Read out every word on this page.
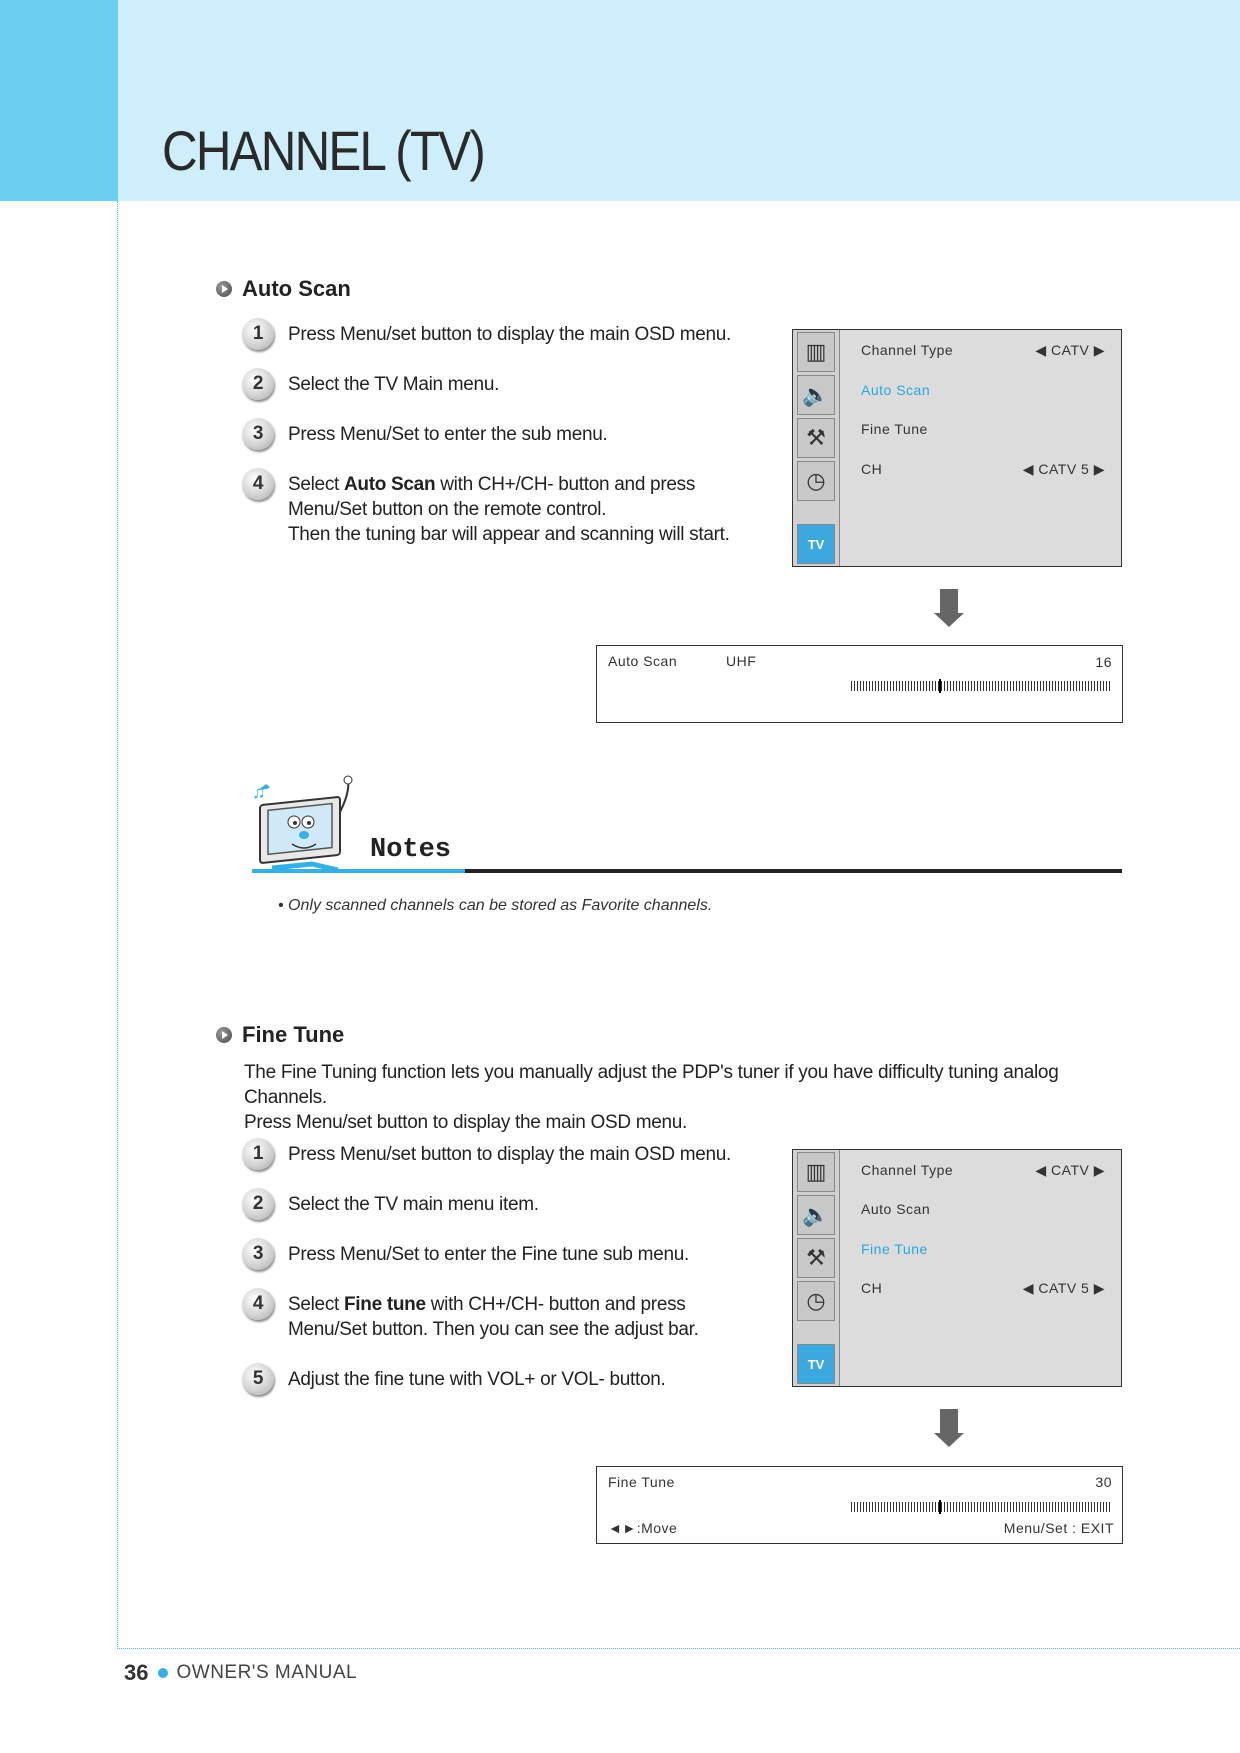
CHANNEL (TV)
Auto Scan
1	Press Menu/set button to display the main OSD menu.
2	Select the TV Main menu.
3	Press Menu/Set to enter the sub menu.
4	Select Auto Scan with CH+/CH- button and press
Menu/Set button on the remote control.
Then the tuning bar will appear and scanning will start.
▥
🔈
⚒
◷
TV
Channel Type	◀ CATV ▶
Auto Scan
Fine Tune
CH	◀ CATV 5 ▶
Auto Scan	UHF	16
♫
Notes
• Only scanned channels can be stored as Favorite channels.
Fine Tune
The Fine Tuning function lets you manually adjust the PDP's tuner if you have difficulty tuning analog Channels.
Press Menu/set button to display the main OSD menu.
1	Press Menu/set button to display the main OSD menu.
2	Select the TV main menu item.
3	Press Menu/Set to enter the Fine tune sub menu.
4	Select Fine tune with CH+/CH- button and press
Menu/Set button. Then you can see the adjust bar.
5	Adjust the fine tune with VOL+ or VOL- button.
▥
🔈
⚒
◷
TV
Channel Type	◀ CATV ▶
Auto Scan
Fine Tune
CH	◀ CATV 5 ▶
Fine Tune	30
◄►:Move	Menu/Set : EXIT
36 OWNER'S MANUAL
